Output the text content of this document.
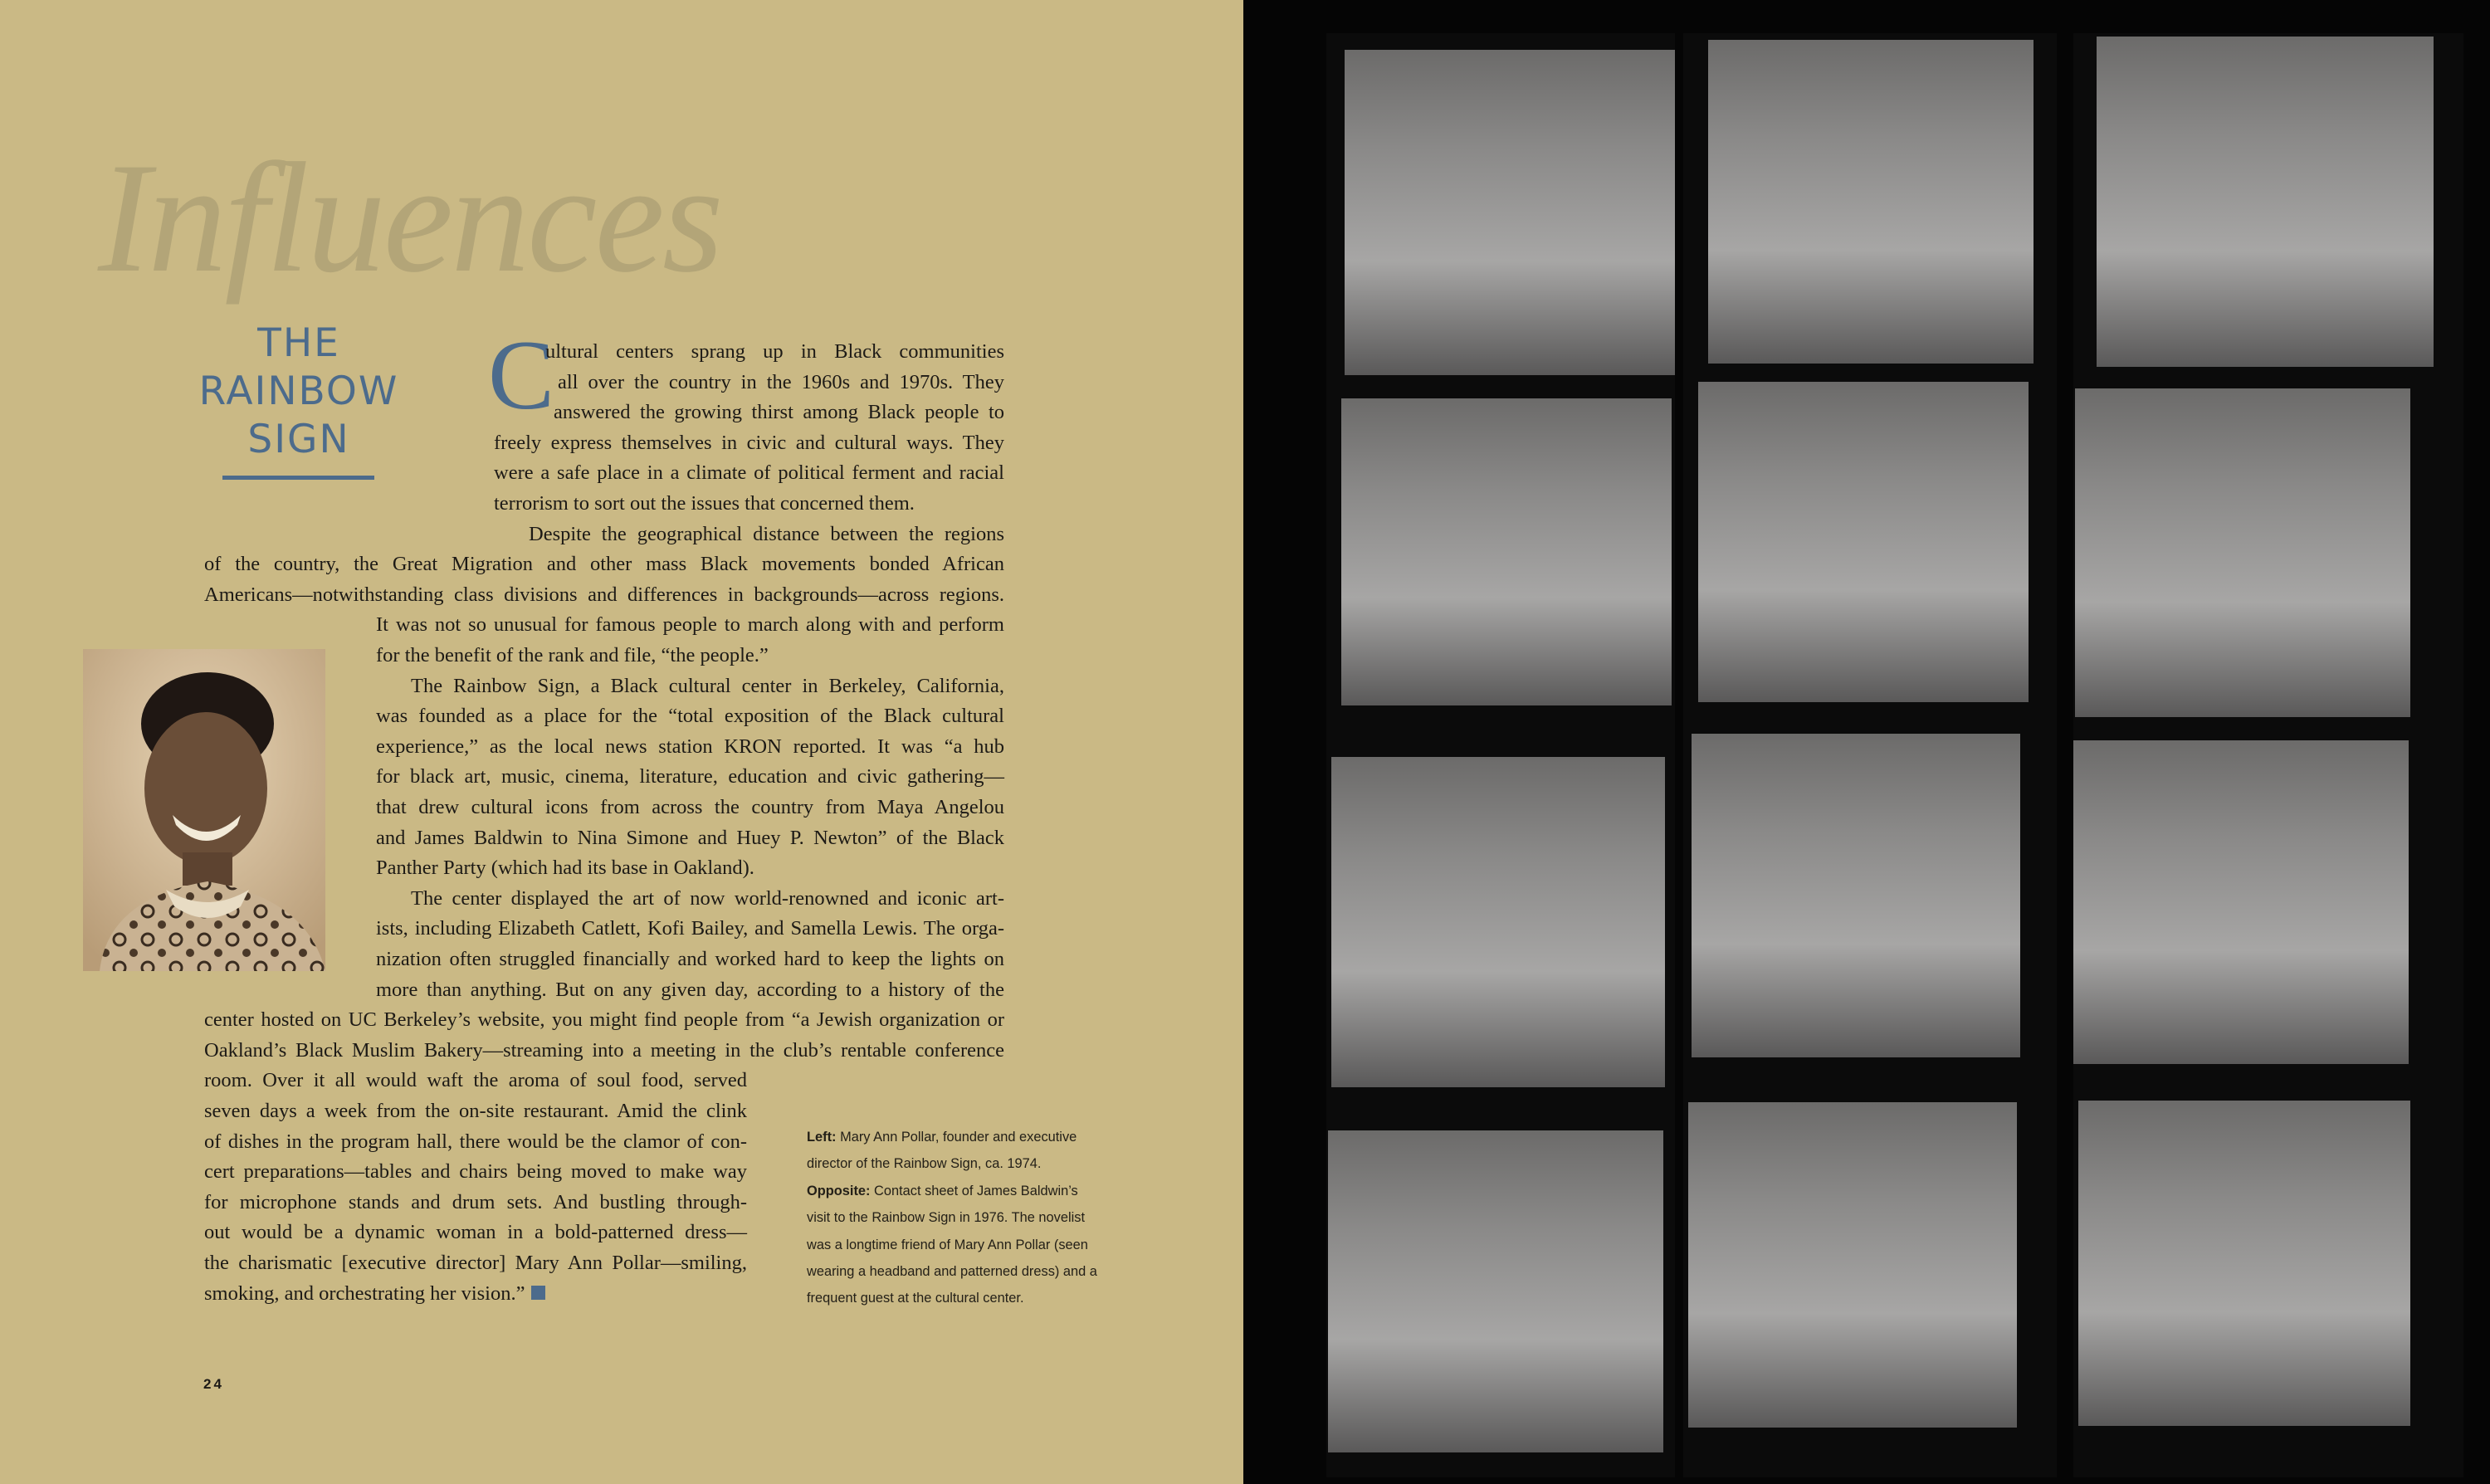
Influences
THE
RAINBOW
SIGN
C

ultural centers sprang up in Black communities

all over the country in the 1960s and 1970s. They

answered the growing thirst among Black people to

freely express themselves in civic and cultural ways. They

were a safe place in a climate of political ferment and racial

terrorism to sort out the issues that concerned them.

Despite the geographical distance between the regions

of the country, the Great Migration and other mass Black movements bonded African

Americans—notwithstanding class divisions and differences in backgrounds—across regions.

It was not so unusual for famous people to march along with and perform

for the benefit of the rank and file, “the people.”

The Rainbow Sign, a Black cultural center in Berkeley, California,

was founded as a place for the “total exposition of the Black cultural

experience,” as the local news station KRON reported. It was “a hub

for black art, music, cinema, literature, education and civic gathering—

that drew cultural icons from across the country from Maya Angelou

and James Baldwin to Nina Simone and Huey P. Newton” of the Black

Panther Party (which had its base in Oakland).

The center displayed the art of now world-renowned and iconic art-

ists, including Elizabeth Catlett, Kofi Bailey, and Samella Lewis. The orga-

nization often struggled financially and worked hard to keep the lights on

more than anything. But on any given day, according to a history of the

center hosted on UC Berkeley’s website, you might find people from “a Jewish organization or

Oakland’s Black Muslim Bakery—streaming into a meeting in the club’s rentable conference

room. Over it all would waft the aroma of soul food, served

seven days a week from the on-site restaurant. Amid the clink

of dishes in the program hall, there would be the clamor of con-

cert preparations—tables and chairs being moved to make way

for microphone stands and drum sets. And bustling through-

out would be a dynamic woman in a bold-patterned dress—

the charismatic [executive director] Mary Ann Pollar—smiling,

smoking, and orchestrating her vision.”

Left: Mary Ann Pollar, founder and executive
director of the Rainbow Sign, ca. 1974.
Opposite: Contact sheet of James Baldwin’s
visit to the Rainbow Sign in 1976. The novelist
was a longtime friend of Mary Ann Pollar (seen
wearing a headband and patterned dress) and a
frequent guest at the cultural center.
24
